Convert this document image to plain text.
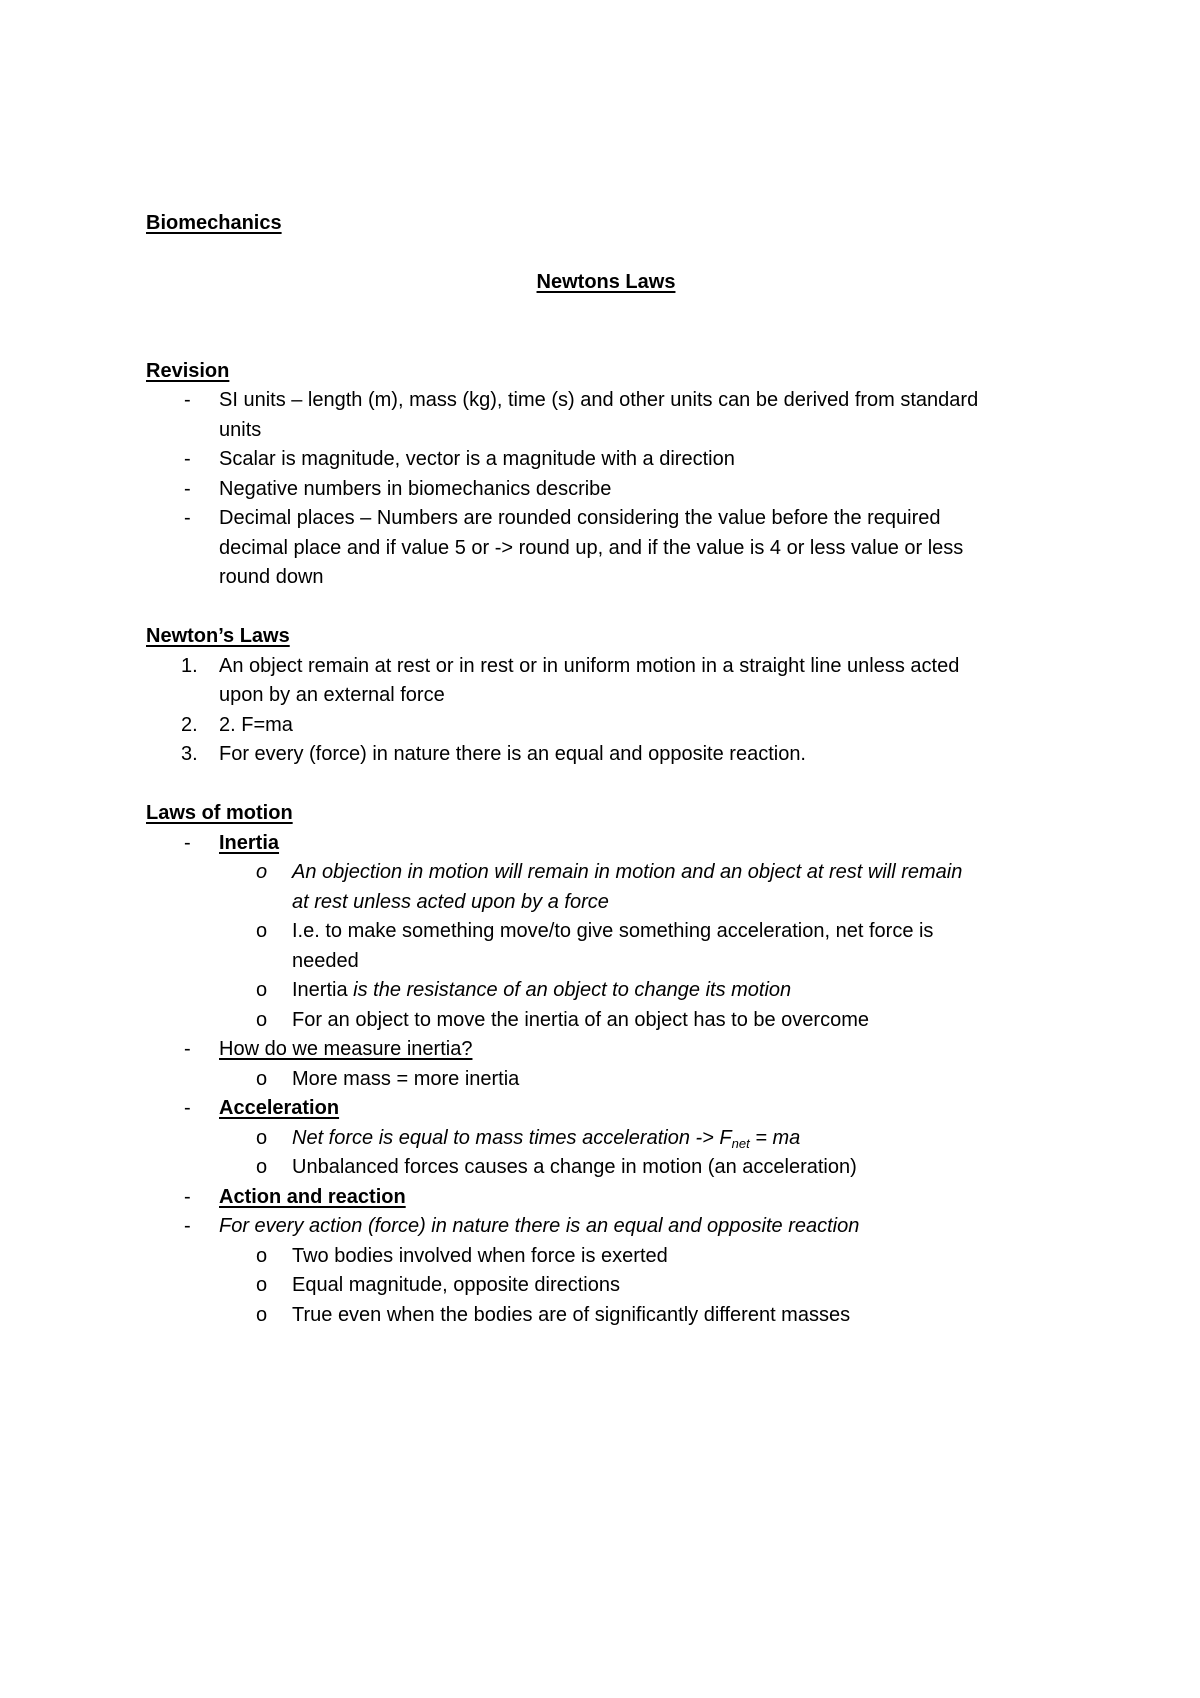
Biomechanics
Newtons Laws
Revision
- SI units – length (m), mass (kg), time (s) and other units can be derived from standard
units
- Scalar is magnitude, vector is a magnitude with a direction
- Negative numbers in biomechanics describe
- Decimal places – Numbers are rounded considering the value before the required
decimal place and if value 5 or -> round up, and if the value is 4 or less value or less
round down
Newton’s Laws
1. An object remain at rest or in rest or in uniform motion in a straight line unless acted
upon by an external force
2. 2. F=ma
3. For every (force) in nature there is an equal and opposite reaction.
Laws of motion
- Inertia
o An objection in motion will remain in motion and an object at rest will remain
at rest unless acted upon by a force
o I.e. to make something move/to give something acceleration, net force is
needed
o Inertia is the resistance of an object to change its motion
o For an object to move the inertia of an object has to be overcome
- How do we measure inertia?
o More mass = more inertia
- Acceleration
o Net force is equal to mass times acceleration -> $F_{net}$ = ma
o Unbalanced forces causes a change in motion (an acceleration)
- Action and reaction
- For every action (force) in nature there is an equal and opposite reaction
o Two bodies involved when force is exerted
o Equal magnitude, opposite directions
o True even when the bodies are of significantly different masses
